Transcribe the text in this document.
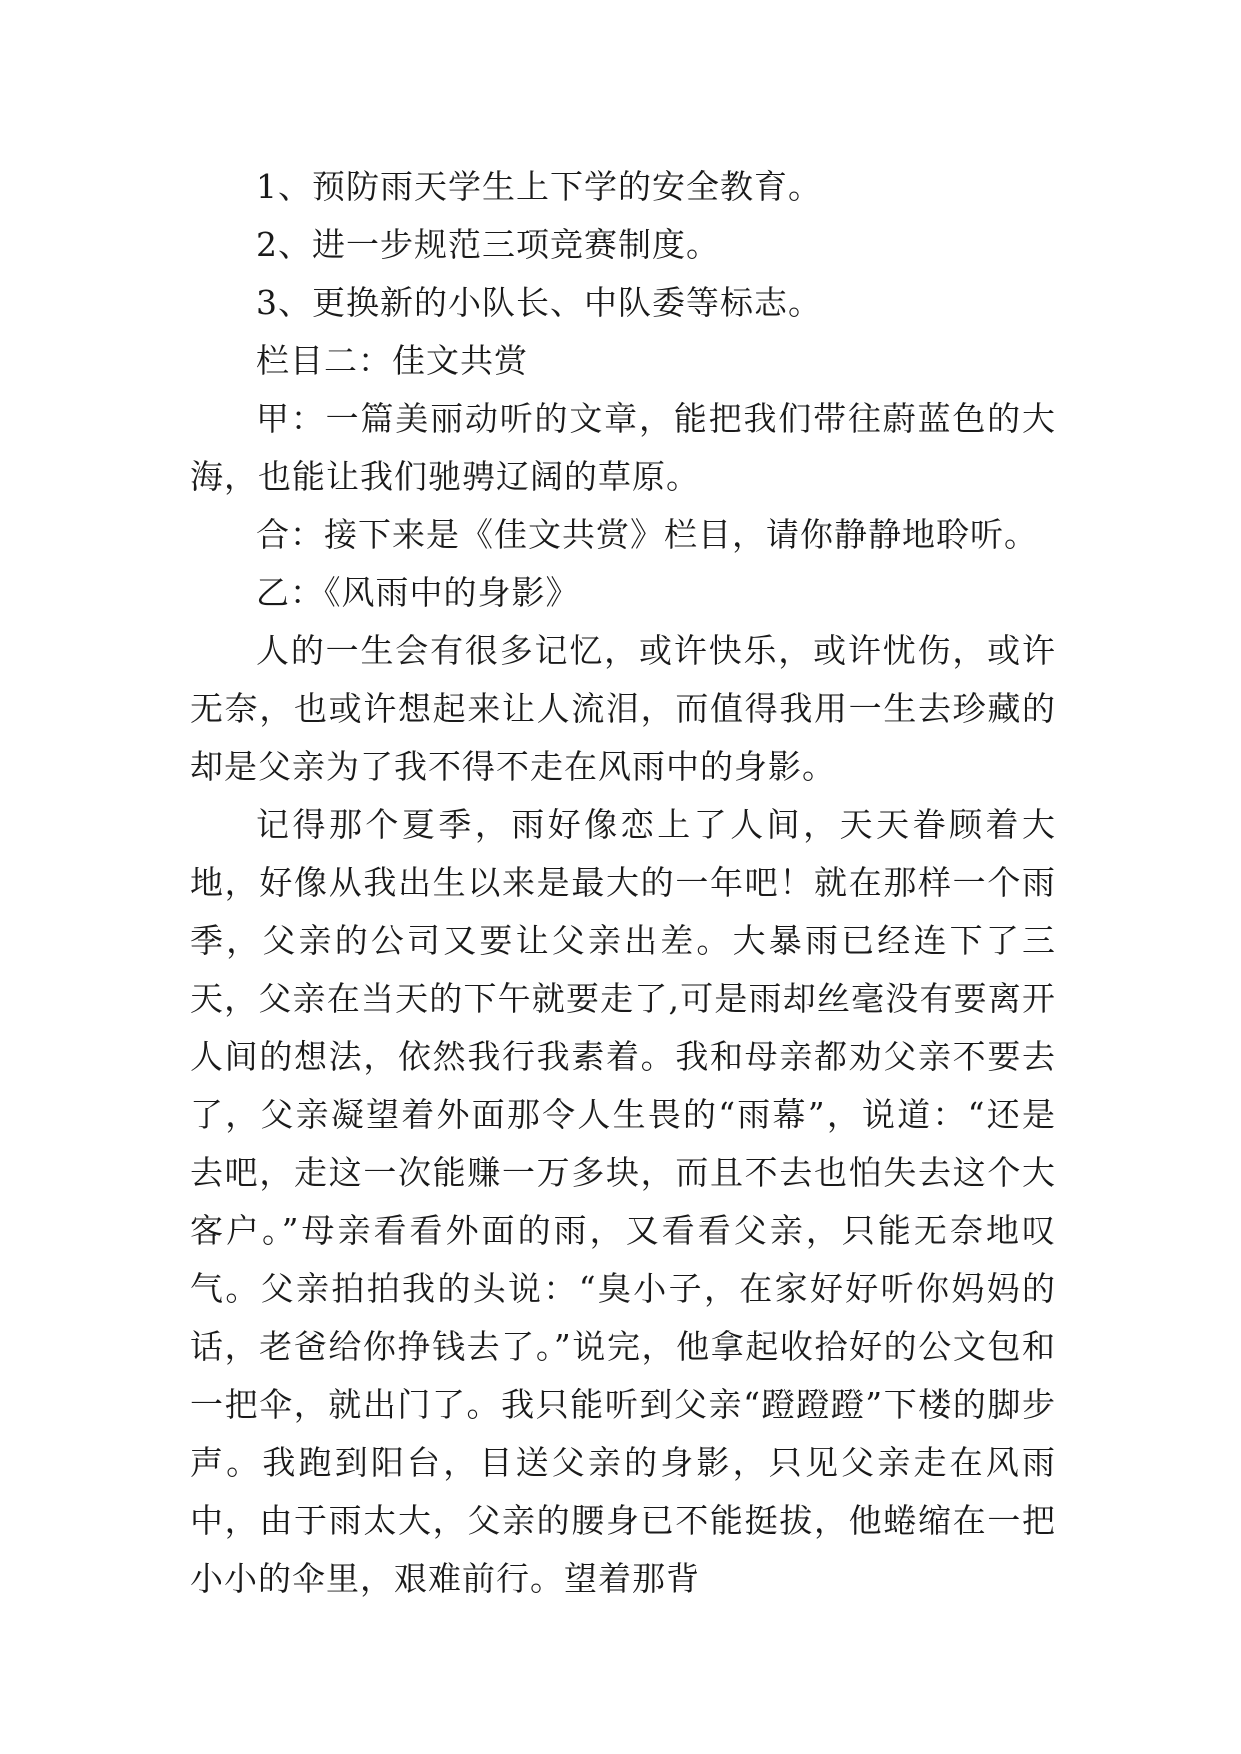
1、预防雨天学生上下学的安全教育。

2、进一步规范三项竞赛制度。

3、更换新的小队长、中队委等标志。

栏目二：佳文共赏

甲：一篇美丽动听的文章，能把我们带往蔚蓝色的大海，也能让我们驰骋辽阔的草原。

合：接下来是《佳文共赏》栏目，请你静静地聆听。

乙：《风雨中的身影》

人的一生会有很多记忆，或许快乐，或许忧伤，或许无奈，也或许想起来让人流泪，而值得我用一生去珍藏的却是父亲为了我不得不走在风雨中的身影。

记得那个夏季，雨好像恋上了人间，天天眷顾着大地，好像从我出生以来是最大的一年吧！就在那样一个雨季，父亲的公司又要让父亲出差。大暴雨已经连下了三天，父亲在当天的下午就要走了,可是雨却丝毫没有要离开人间的想法，依然我行我素着。我和母亲都劝父亲不要去了，父亲凝望着外面那令人生畏的“雨幕”，说道：“还是去吧，走这一次能赚一万多块，而且不去也怕失去这个大客户。”母亲看看外面的雨，又看看父亲，只能无奈地叹气。父亲拍拍我的头说：“臭小子，在家好好听你妈妈的话，老爸给你挣钱去了。”说完，他拿起收拾好的公文包和一把伞，就出门了。我只能听到父亲“蹬蹬蹬”下楼的脚步声。我跑到阳台，目送父亲的身影，只见父亲走在风雨中，由于雨太大，父亲的腰身已不能挺拔，他蜷缩在一把小小的伞里，艰难前行。望着那背
